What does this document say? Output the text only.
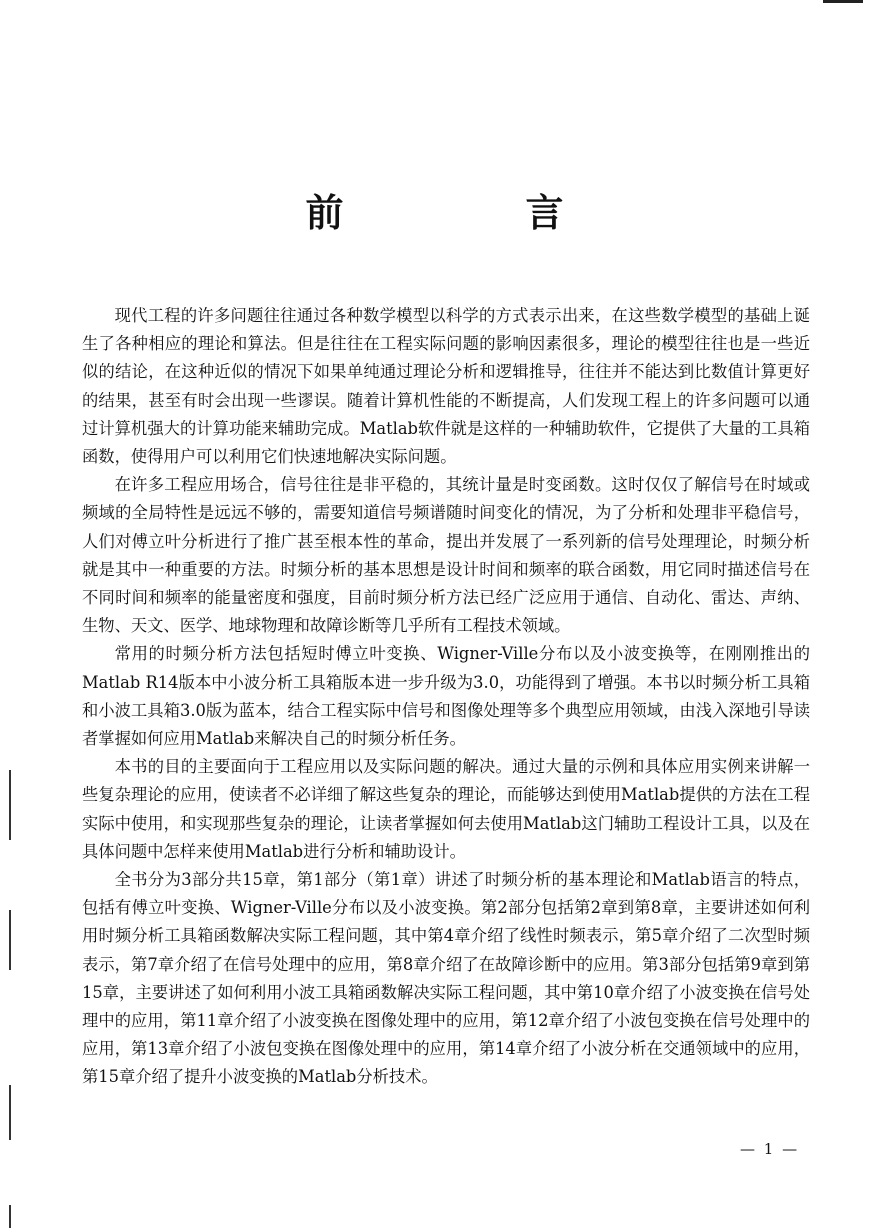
前　言

现代工程的许多问题往往通过各种数学模型以科学的方式表示出来，在这些数学模型的基础上诞生了各种相应的理论和算法。但是往往在工程实际问题的影响因素很多，理论的模型往往也是一些近似的结论，在这种近似的情况下如果单纯通过理论分析和逻辑推导，往往并不能达到比数值计算更好的结果，甚至有时会出现一些谬误。随着计算机性能的不断提高，人们发现工程上的许多问题可以通过计算机强大的计算功能来辅助完成。Matlab软件就是这样的一种辅助软件，它提供了大量的工具箱函数，使得用户可以利用它们快速地解决实际问题。

在许多工程应用场合，信号往往是非平稳的，其统计量是时变函数。这时仅仅了解信号在时域或频域的全局特性是远远不够的，需要知道信号频谱随时间变化的情况，为了分析和处理非平稳信号，人们对傅立叶分析进行了推广甚至根本性的革命，提出并发展了一系列新的信号处理理论，时频分析就是其中一种重要的方法。时频分析的基本思想是设计时间和频率的联合函数，用它同时描述信号在不同时间和频率的能量密度和强度，目前时频分析方法已经广泛应用于通信、自动化、雷达、声纳、生物、天文、医学、地球物理和故障诊断等几乎所有工程技术领域。

常用的时频分析方法包括短时傅立叶变换、Wigner-Ville分布以及小波变换等，在刚刚推出的Matlab R14版本中小波分析工具箱版本进一步升级为3.0，功能得到了增强。本书以时频分析工具箱和小波工具箱3.0版为蓝本，结合工程实际中信号和图像处理等多个典型应用领域，由浅入深地引导读者掌握如何应用Matlab来解决自己的时频分析任务。

本书的目的主要面向于工程应用以及实际问题的解决。通过大量的示例和具体应用实例来讲解一些复杂理论的应用，使读者不必详细了解这些复杂的理论，而能够达到使用Matlab提供的方法在工程实际中使用，和实现那些复杂的理论，让读者掌握如何去使用Matlab这门辅助工程设计工具，以及在具体问题中怎样来使用Matlab进行分析和辅助设计。

全书分为3部分共15章，第1部分（第1章）讲述了时频分析的基本理论和Matlab语言的特点，包括有傅立叶变换、Wigner-Ville分布以及小波变换。第2部分包括第2章到第8章，主要讲述如何利用时频分析工具箱函数解决实际工程问题，其中第4章介绍了线性时频表示，第5章介绍了二次型时频表示，第7章介绍了在信号处理中的应用，第8章介绍了在故障诊断中的应用。第3部分包括第9章到第15章，主要讲述了如何利用小波工具箱函数解决实际工程问题，其中第10章介绍了小波变换在信号处理中的应用，第11章介绍了小波变换在图像处理中的应用，第12章介绍了小波包变换在信号处理中的应用，第13章介绍了小波包变换在图像处理中的应用，第14章介绍了小波分析在交通领域中的应用，第15章介绍了提升小波变换的Matlab分析技术。

— 1 —
